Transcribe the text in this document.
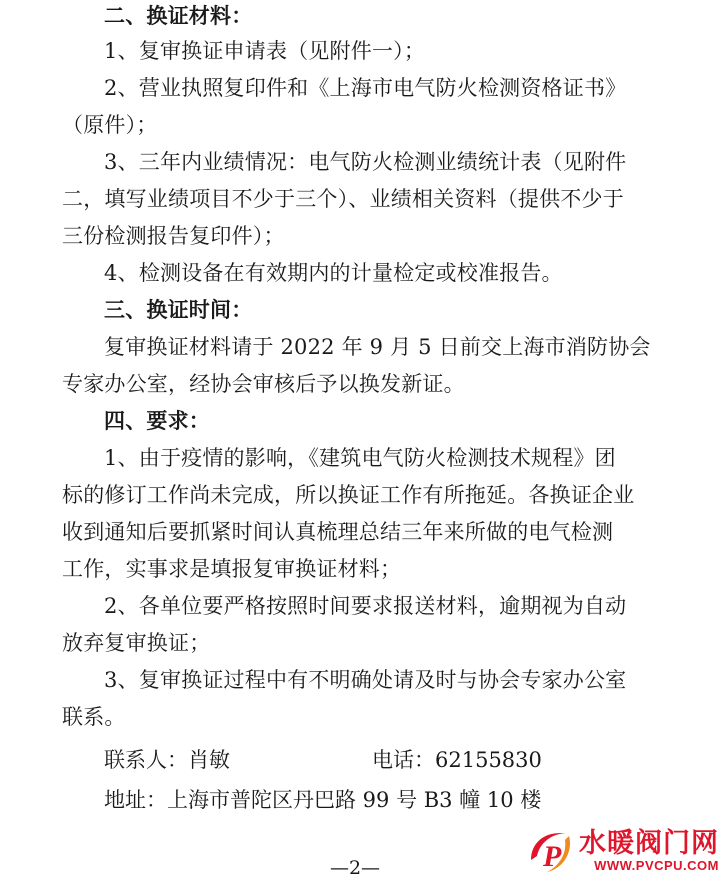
二、换证材料：
1、复审换证申请表（见附件一）；
2、营业执照复印件和《上海市电气防火检测资格证书》
（原件）；
3、三年内业绩情况：电气防火检测业绩统计表（见附件
二，填写业绩项目不少于三个）、业绩相关资料（提供不少于
三份检测报告复印件）；
4、检测设备在有效期内的计量检定或校准报告。
三、换证时间：
复审换证材料请于 2022 年 9 月 5 日前交上海市消防协会
专家办公室，经协会审核后予以换发新证。
四、要求：
1、由于疫情的影响，《建筑电气防火检测技术规程》团
标的修订工作尚未完成，所以换证工作有所拖延。各换证企业
收到通知后要抓紧时间认真梳理总结三年来所做的电气检测
工作，实事求是填报复审换证材料；
2、各单位要严格按照时间要求报送材料，逾期视为自动
放弃复审换证；
3、复审换证过程中有不明确处请及时与协会专家办公室
联系。
联系人：肖敏	电话：62155830
地址：上海市普陀区丹巴路 99 号 B3 幢 10 楼
—2—	P 水暖阀门网
WWW.PVCPU.COM
